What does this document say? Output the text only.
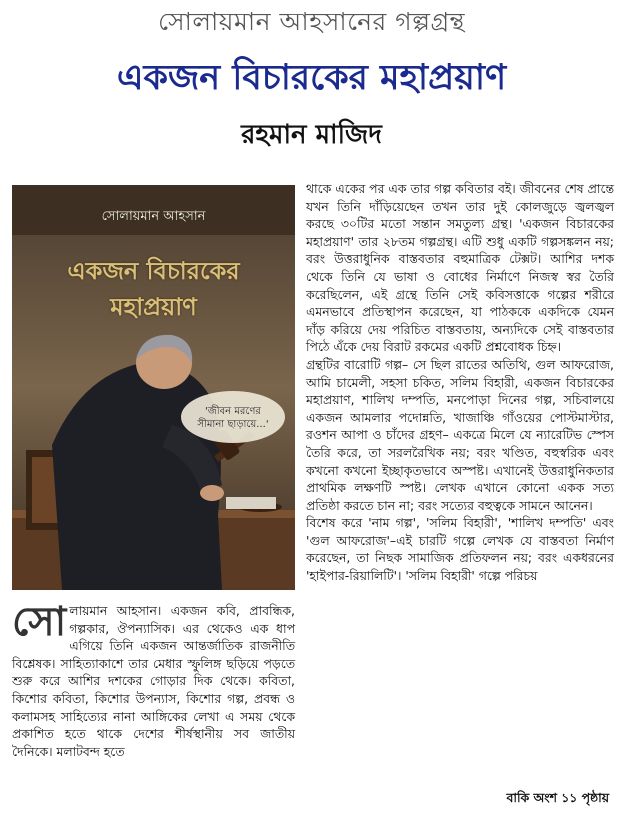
সোলায়মান আহসানের গল্পগ্রন্থ
একজন বিচারকের মহাপ্রয়াণ
রহমান মাজিদ
সোলায়মান আহসান
একজন বিচারকের
মহাপ্রয়াণ
'জীবন মরণের
সীমানা ছাড়ায়ে...'

সো লায়মান আহসান। একজন কবি, প্রাবন্ধিক, গল্পকার, ঔপন্যাসিক। এর থেকেও এক ধাপ এগিয়ে তিনি একজন আন্তর্জাতিক রাজনীতি বিশ্লেষক। সাহিত্যাকাশে তার মেধার স্ফুলিঙ্গ ছড়িয়ে পড়তে শুরু করে আশির দশকের গোড়ার দিক থেকে। কবিতা, কিশোর কবিতা, কিশোর উপন্যাস, কিশোর গল্প, প্রবন্ধ ও কলামসহ সাহিত্যের নানা আঙ্গিকের লেখা এ সময় থেকে প্রকাশিত হতে থাকে দেশের শীর্ষস্থানীয় সব জাতীয় দৈনিকে। মলাটবন্দ হতে

থাকে একের পর এক তার গল্প কবিতার বই। জীবনের শেষ প্রান্তে যখন তিনি দাঁড়িয়েছেন তখন তার দুই কোলজুড়ে জ্বলজ্বল করছে ৩০টির মতো সন্তান সমতুল্য গ্রন্থ। 'একজন বিচারকের মহাপ্রয়াণ' তার ২৮তম গল্পগ্রন্থ। এটি শুধু একটি গল্পসঙ্কলন নয়; বরং উত্তরাধুনিক বাস্তবতার বহুমাত্রিক টেক্সট। আশির দশক থেকে তিনি যে ভাষা ও বোধের নির্মাণে নিজস্ব স্বর তৈরি করেছিলেন, এই গ্রন্থে তিনি সেই কবিসত্তাকে গল্পের শরীরে এমনভাবে প্রতিস্থাপন করেছেন, যা পাঠককে একদিকে যেমন দাঁড় করিয়ে দেয় পরিচিত বাস্তবতায়, অন্যদিকে সেই বাস্তবতার পিঠে এঁকে দেয় বিরাট রকমের একটি প্রশ্নবোধক চিহ্ন।

গ্রন্থটির বারোটি গল্প– সে ছিল রাতের অতিথি, গুল আফরোজ, আমি চামেলী, সহসা চকিত, সলিম বিহারী, একজন বিচারকের মহাপ্রয়াণ, শালিখ দম্পতি, মনপোড়া দিনের গল্প, সচিবালয়ে একজন আমলার পদোন্নতি, খাজাঞ্চি গাঁওয়ের পোস্টমাস্টার, রওশন আপা ও চাঁদের গ্রহণ– একত্রে মিলে যে ন্যারেটিভ স্পেস তৈরি করে, তা সরলরৈখিক নয়; বরং খণ্ডিত, বহুস্বরিক এবং কখনো কখনো ইচ্ছাকৃতভাবে অস্পষ্ট। এখানেই উত্তরাধুনিকতার প্রাথমিক লক্ষণটি স্পষ্ট। লেখক এখানে কোনো একক সত্য প্রতিষ্ঠা করতে চান না; বরং সত্যের বহুত্বকে সামনে আনেন।

বিশেষ করে 'নাম গল্প', 'সলিম বিহারী', 'শালিখ দম্পতি' এবং 'গুল আফরোজ'–এই চারটি গল্পে লেখক যে বাস্তবতা নির্মাণ করেছেন, তা নিছক সামাজিক প্রতিফলন নয়; বরং একধরনের 'হাইপার-রিয়ালিটি'। 'সলিম বিহারী' গল্পে পরিচয়

বাকি অংশ ১১ পৃষ্ঠায়
